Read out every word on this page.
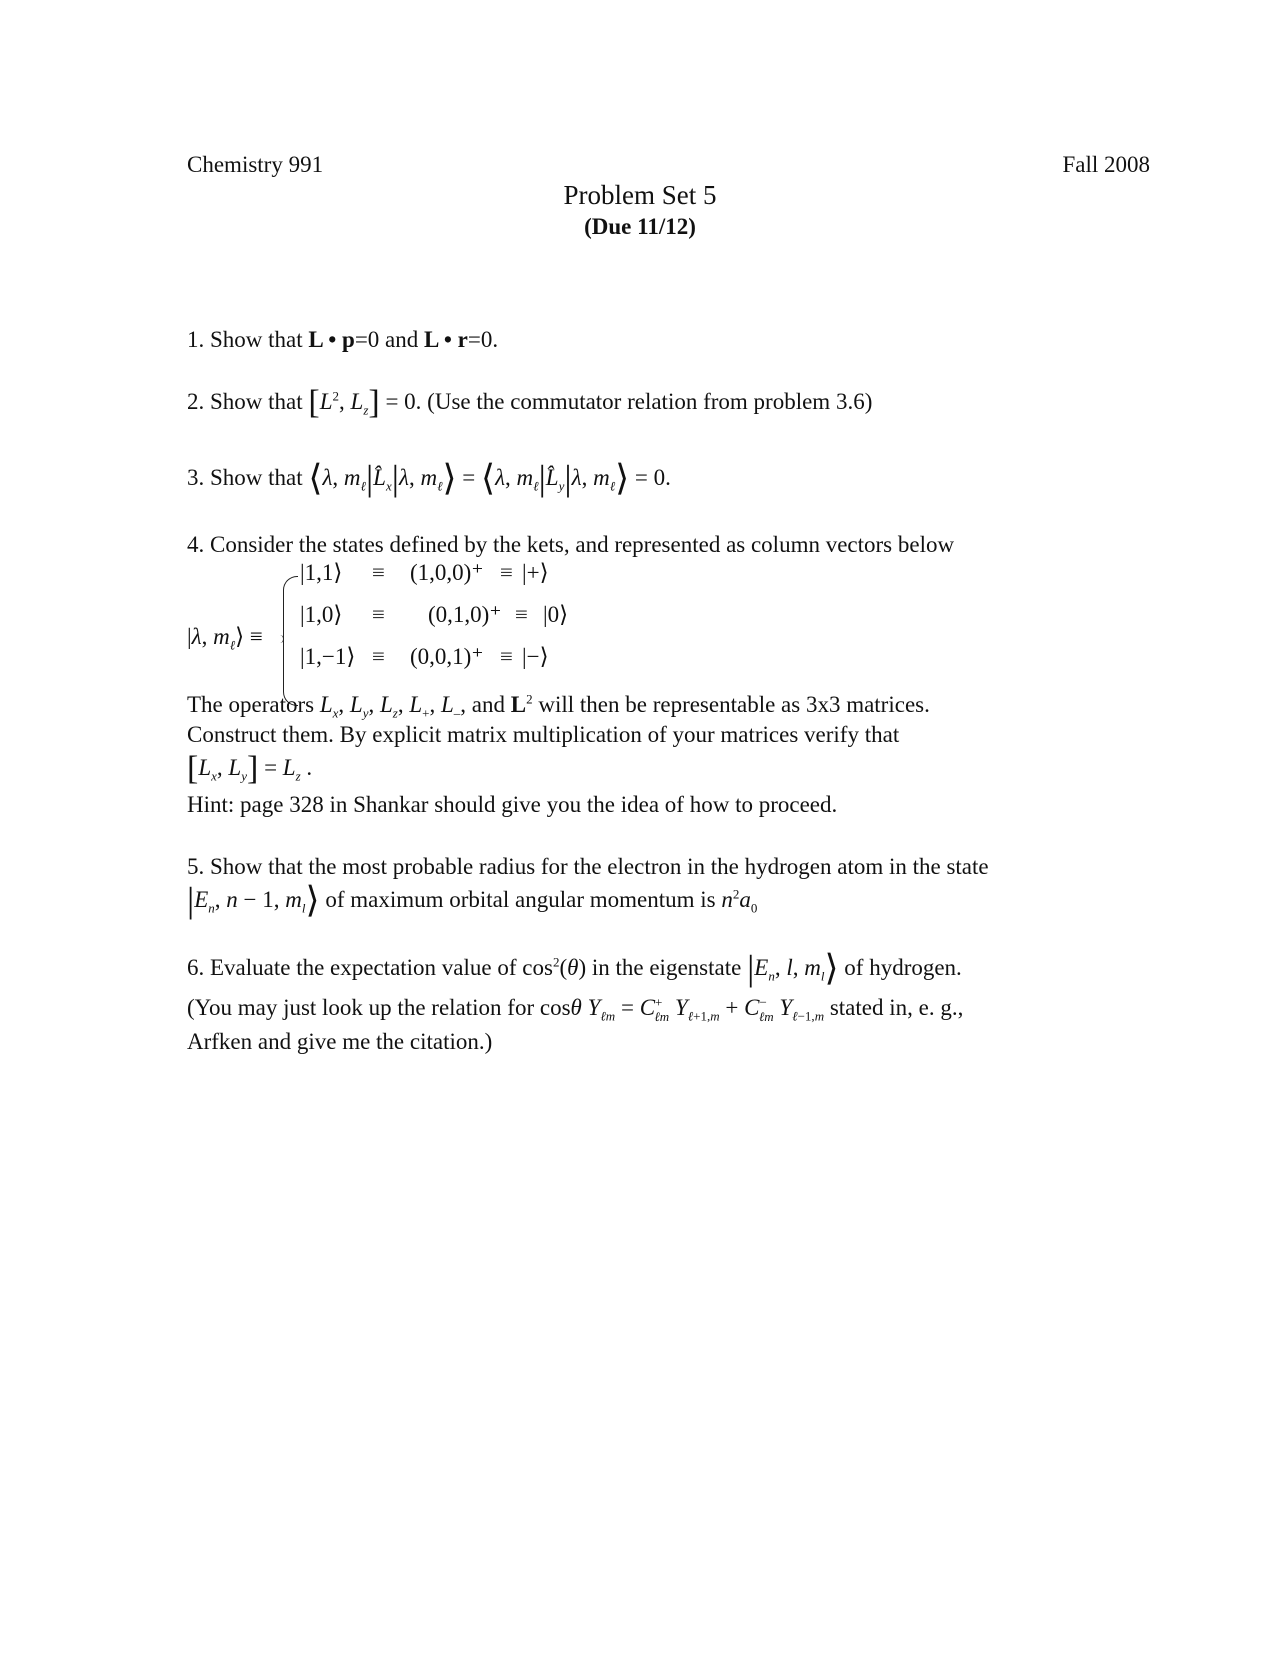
Chemistry 991	Fall 2008
Problem Set 5
(Due 11/12)
1. Show that L • p=0 and L • r=0.
2. Show that [$L^2$, $L_z] = 0$. (Use the commutator relation from problem 3.6)
3. Show that ⟨λ, $m_\ell|L̂_x|\lambda$, $m_\ell⟩$ = ⟨λ, $m_\ell|L̂_y|\lambda$, $m_\ell⟩ = 0$.
4. Consider the states defined by the kets, and represented as column vectors below
|λ, $m_\ell⟩$ ≡
|1,1⟩ ≡ (1,0,0)⁺ ≡ |+⟩
|1,0⟩ ≡ (0,1,0)⁺ ≡ |0⟩
|1,−1⟩ ≡ (0,0,1)⁺ ≡ |−⟩
The operators $L_x$, $L_y$, $L_z$, $L_+$, $L_-$, and $L^2$ will then be representable as 3x3 matrices.
Construct them. By explicit matrix multiplication of your matrices verify that
[$L_x$, $L_y] = L_z$ .
Hint: page 328 in Shankar should give you the idea of how to proceed.
5. Show that the most probable radius for the electron in the hydrogen atom in the state
$|E_n$, n − 1, $m_l⟩$ of maximum orbital angular momentum is $n^2a_0$
6. Evaluate the expectation value of $\cos^2(\theta)$ in the eigenstate $|E_n$, l, $m_l⟩$ of hydrogen.
(You may just look up the relation for cosθ $Y_{\ell m} = C^+_{\ell m}$ $Y_{\ell+1,m} + C^-_{\ell m}$ $Y_{\ell-1,m}$ stated in, e. g.,
Arfken and give me the citation.)
